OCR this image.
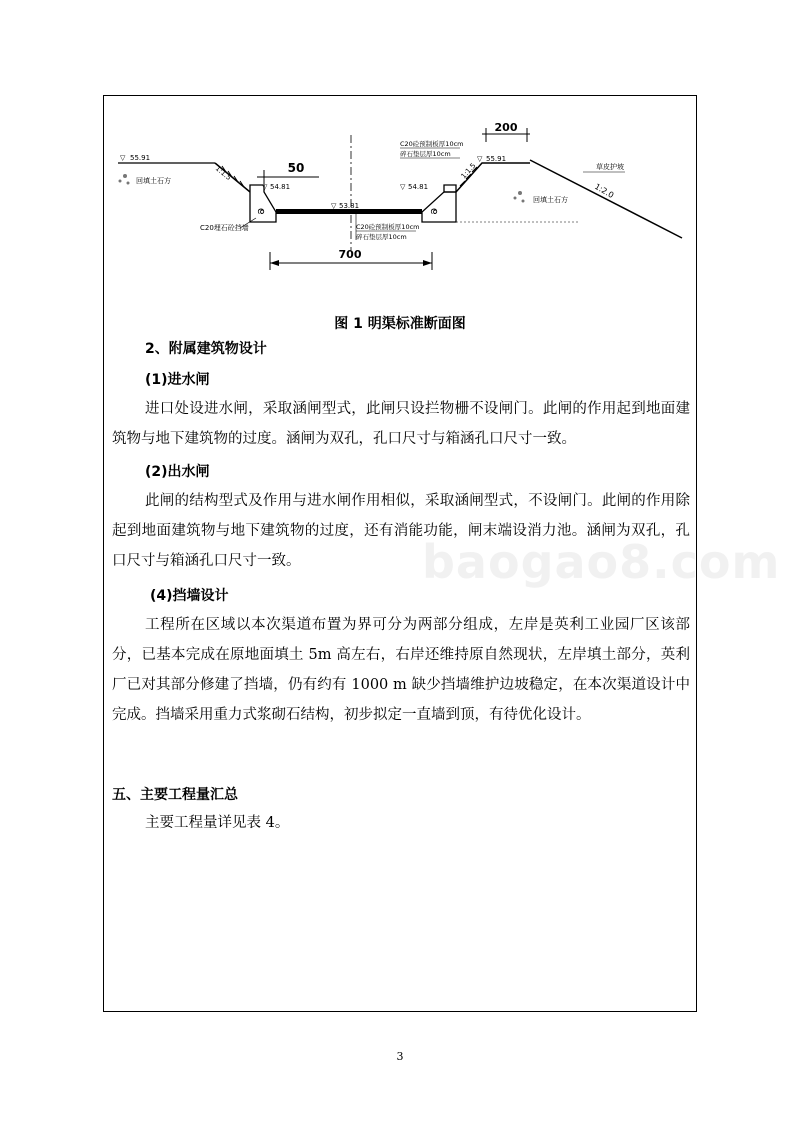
ര	ര
700
50
200
▽ 55.91	▽ 55.91
▽ 54.81	▽ 54.81
▽ 53.81
1:1.5	1:1.5
1:2.0
回填土石方
回填土石方
草皮护坡
C20埋石砼挡墙
C20砼预制板厚10cm
碎石垫层厚10cm
C20砼预制板厚10cm
碎石垫层厚10cm
图 1 明渠标准断面图
2、附属建筑物设计
(1)进水闸
进口处设进水闸，采取涵闸型式，此闸只设拦物栅不设闸门。此闸的作用起到地面建筑物与地下建筑物的过度。涵闸为双孔，孔口尺寸与箱涵孔口尺寸一致。
(2)出水闸
此闸的结构型式及作用与进水闸作用相似，采取涵闸型式，不设闸门。此闸的作用除起到地面建筑物与地下建筑物的过度，还有消能功能，闸末端设消力池。涵闸为双孔，孔口尺寸与箱涵孔口尺寸一致。
(4)挡墙设计
工程所在区域以本次渠道布置为界可分为两部分组成，左岸是英利工业园厂区该部分，已基本完成在原地面填土 5m 高左右，右岸还维持原自然现状，左岸填土部分，英利厂已对其部分修建了挡墙，仍有约有 1000 m 缺少挡墙维护边坡稳定，在本次渠道设计中完成。挡墙采用重力式浆砌石结构，初步拟定一直墙到顶，有待优化设计。
五、主要工程量汇总
主要工程量详见表 4。
baogao8.com
3
